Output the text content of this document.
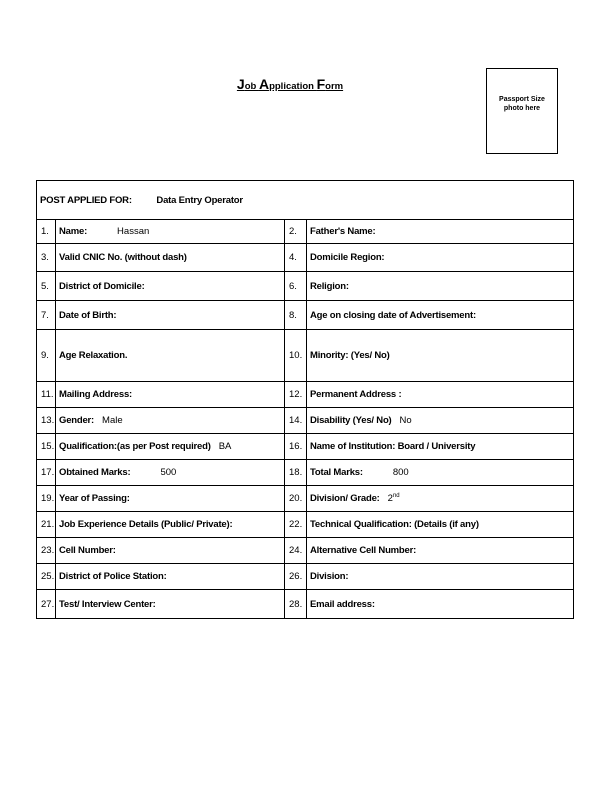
Job Application Form
Passport Size
photo here
POST APPLIED FOR: Data Entry Operator			
1.	Name: Hassan	2.	Father's Name:
3.	Valid CNIC No. (without dash)	4.	Domicile Region:
5.	District of Domicile:	6.	Religion:
7.	Date of Birth:	8.	Age on closing date of Advertisement:
9.	Age Relaxation.	10.	Minority: (Yes/ No)
11.	Mailing Address:	12.	Permanent Address :
13.	Gender: Male	14.	Disability (Yes/ No) No
15.	Qualification:(as per Post required) BA	16.	Name of Institution: Board / University
17.	Obtained Marks: 500	18.	Total Marks: 800
19.	Year of Passing:	20.	Division/ Grade: 2nd
21.	Job Experience Details (Public/ Private):	22.	Technical Qualification: (Details (if any)
23.	Cell Number:	24.	Alternative Cell Number:
25.	District of Police Station:	26.	Division:
27.	Test/ Interview Center:	28.	Email address:
